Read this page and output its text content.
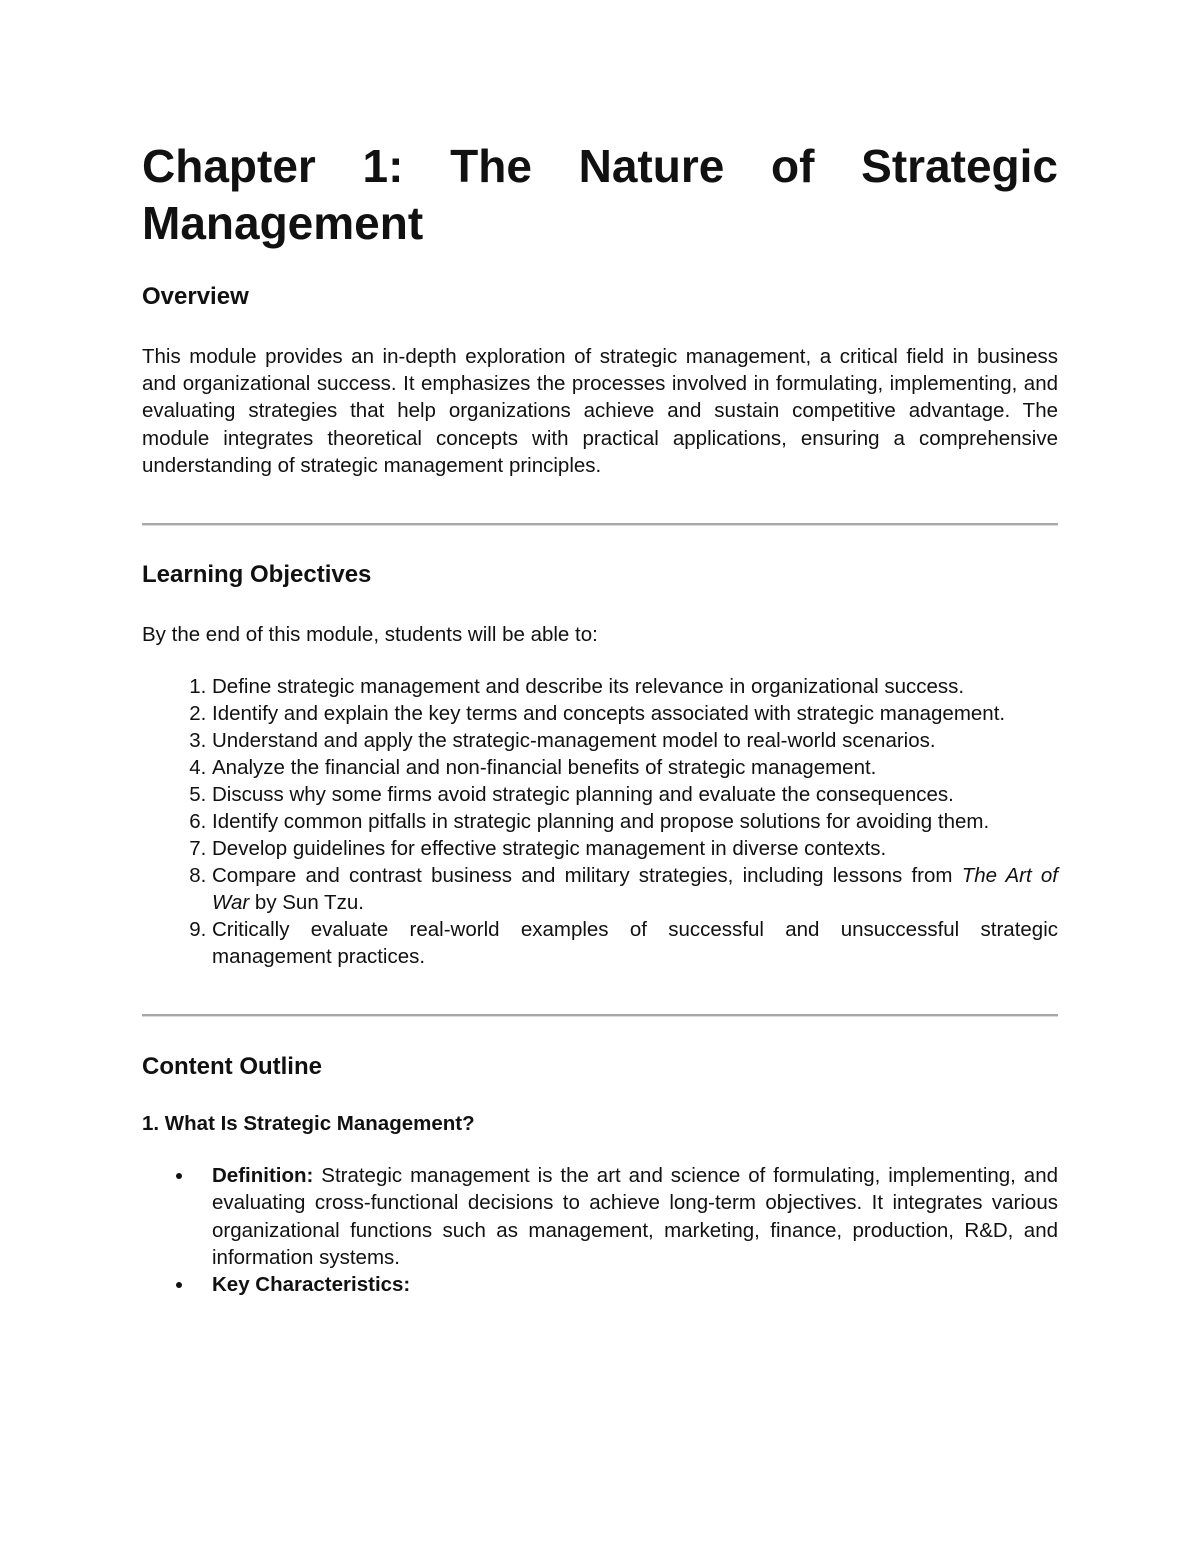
Chapter 1: The Nature of Strategic Management
Overview

This module provides an in-depth exploration of strategic management, a critical field in business and organizational success. It emphasizes the processes involved in formulating, implementing, and evaluating strategies that help organizations achieve and sustain competitive advantage. The module integrates theoretical concepts with practical applications, ensuring a comprehensive understanding of strategic management principles.

Learning Objectives

By the end of this module, students will be able to:

1. Define strategic management and describe its relevance in organizational success.
2. Identify and explain the key terms and concepts associated with strategic management.
3. Understand and apply the strategic-management model to real-world scenarios.
4. Analyze the financial and non-financial benefits of strategic management.
5. Discuss why some firms avoid strategic planning and evaluate the consequences.
6. Identify common pitfalls in strategic planning and propose solutions for avoiding them.
7. Develop guidelines for effective strategic management in diverse contexts.
8. Compare and contrast business and military strategies, including lessons from The Art of War by Sun Tzu.
9. Critically evaluate real-world examples of successful and unsuccessful strategic management practices.
Content Outline
1. What Is Strategic Management?
Definition: Strategic management is the art and science of formulating, implementing, and evaluating cross-functional decisions to achieve long-term objectives. It integrates various organizational functions such as management, marketing, finance, production, R&D, and information systems.
Key Characteristics:
